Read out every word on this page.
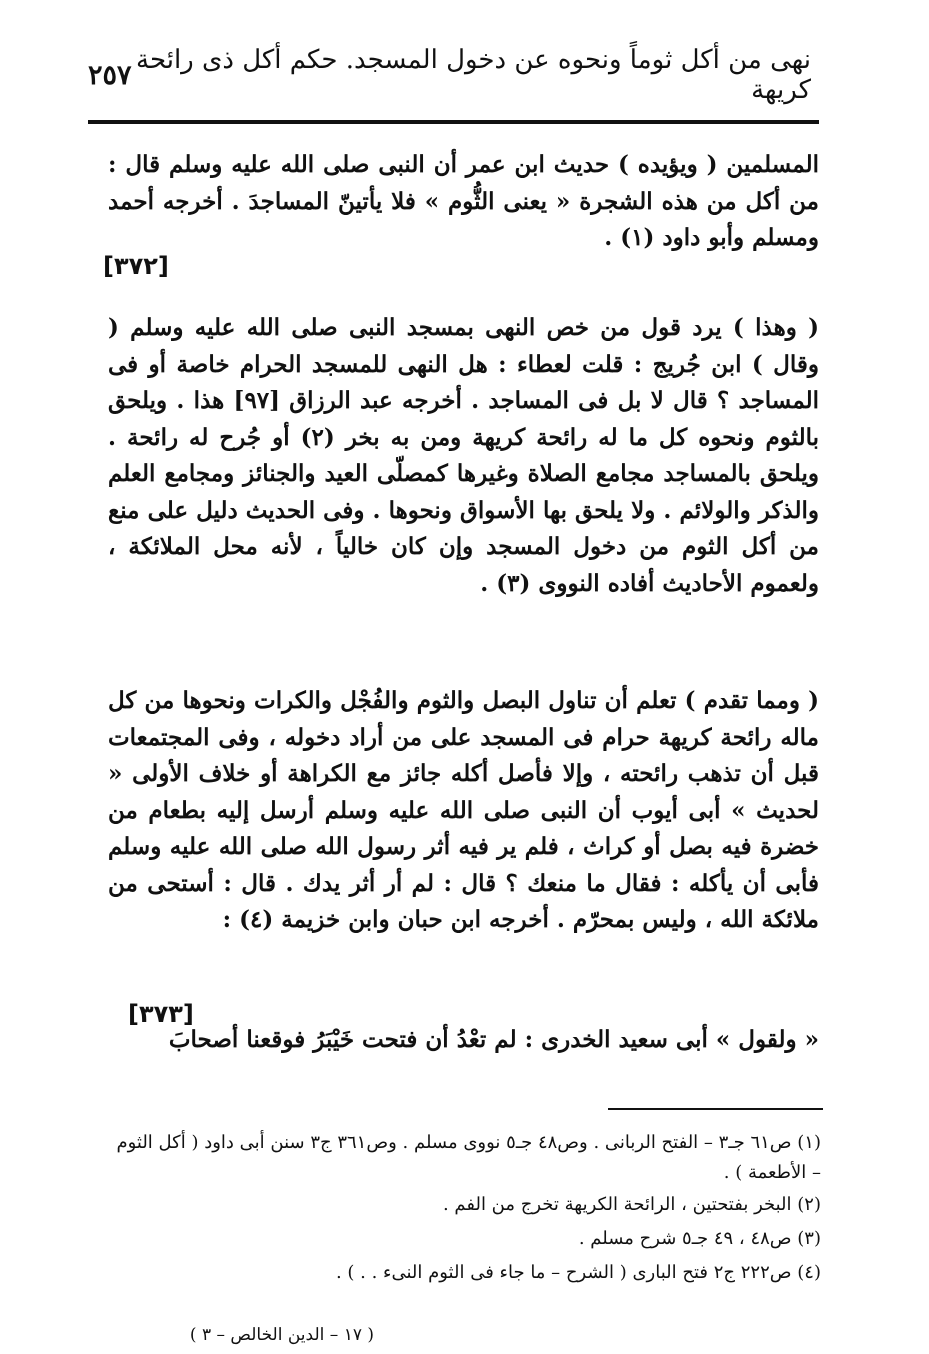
نهى من أكل ثوماً ونحوه عن دخول المسجد. حكم أكل ذى رائحة كريهة
٢٥٧

المسلمين ( ويؤيده ) حديث ابن عمر أن النبى صلى الله عليه وسلم قال : من أكل من هذه الشجرة « يعنى الثُّوم » فلا يأتينّ المساجدَ . أخرجه أحمد ومسلم وأبو داود (١) .

[٣٧٢]

( وهذا ) يرد قول من خص النهى بمسجد النبى صلى الله عليه وسلم ( وقال ) ابن جُريج : قلت لعطاء : هل النهى للمسجد الحرام خاصة أو فى المساجد ؟ قال لا بل فى المساجد . أخرجه عبد الرزاق [٩٧] هذا . ويلحق بالثوم ونحوه كل ما له رائحة كريهة ومن به بخر (٢) أو جُرح له رائحة . ويلحق بالمساجد مجامع الصلاة وغيرها كمصلّى العيد والجنائز ومجامع العلم والذكر والولائم . ولا يلحق بها الأسواق ونحوها . وفى الحديث دليل على منع من أكل الثوم من دخول المسجد وإن كان خالياً ، لأنه محل الملائكة ، ولعموم الأحاديث أفاده النووى (٣) .

( ومما تقدم ) تعلم أن تناول البصل والثوم والفُجْل والكرات ونحوها من كل ماله رائحة كريهة حرام فى المسجد على من أراد دخوله ، وفى المجتمعات قبل أن تذهب رائحته ، وإلا فأصل أكله جائز مع الكراهة أو خلاف الأولى « لحديث » أبى أيوب أن النبى صلى الله عليه وسلم أرسل إليه بطعام من خضرة فيه بصل أو كراث ، فلم ير فيه أثر رسول الله صلى الله عليه وسلم فأبى أن يأكله : فقال ما منعك ؟ قال : لم أر أثر يدك . قال : أستحى من ملائكة الله ، وليس بمحرّم . أخرجه ابن حبان وابن خزيمة (٤) :

[٣٧٣]

« ولقول » أبى سعيد الخدرى : لم تعْدُ أن فتحت خَيْبَرُ فوقعنا أصحابَ

(١) ص٦١ جـ٣ – الفتح الربانى . وص٤٨ جـ٥ نووى مسلم . وص٣٦١ ج٣ سنن أبى داود ( أكل الثوم – الأطعمة ) .

(٢) البخر بفتحتين ، الرائحة الكريهة تخرج من الفم .

(٣) ص٤٨ ، ٤٩ جـ٥ شرح مسلم .

(٤) ص٢٢٢ ج٢ فتح البارى ( الشرح – ما جاء فى الثوم النىء . . ) .

( ١٧ – الدين الخالص – ٣ )
